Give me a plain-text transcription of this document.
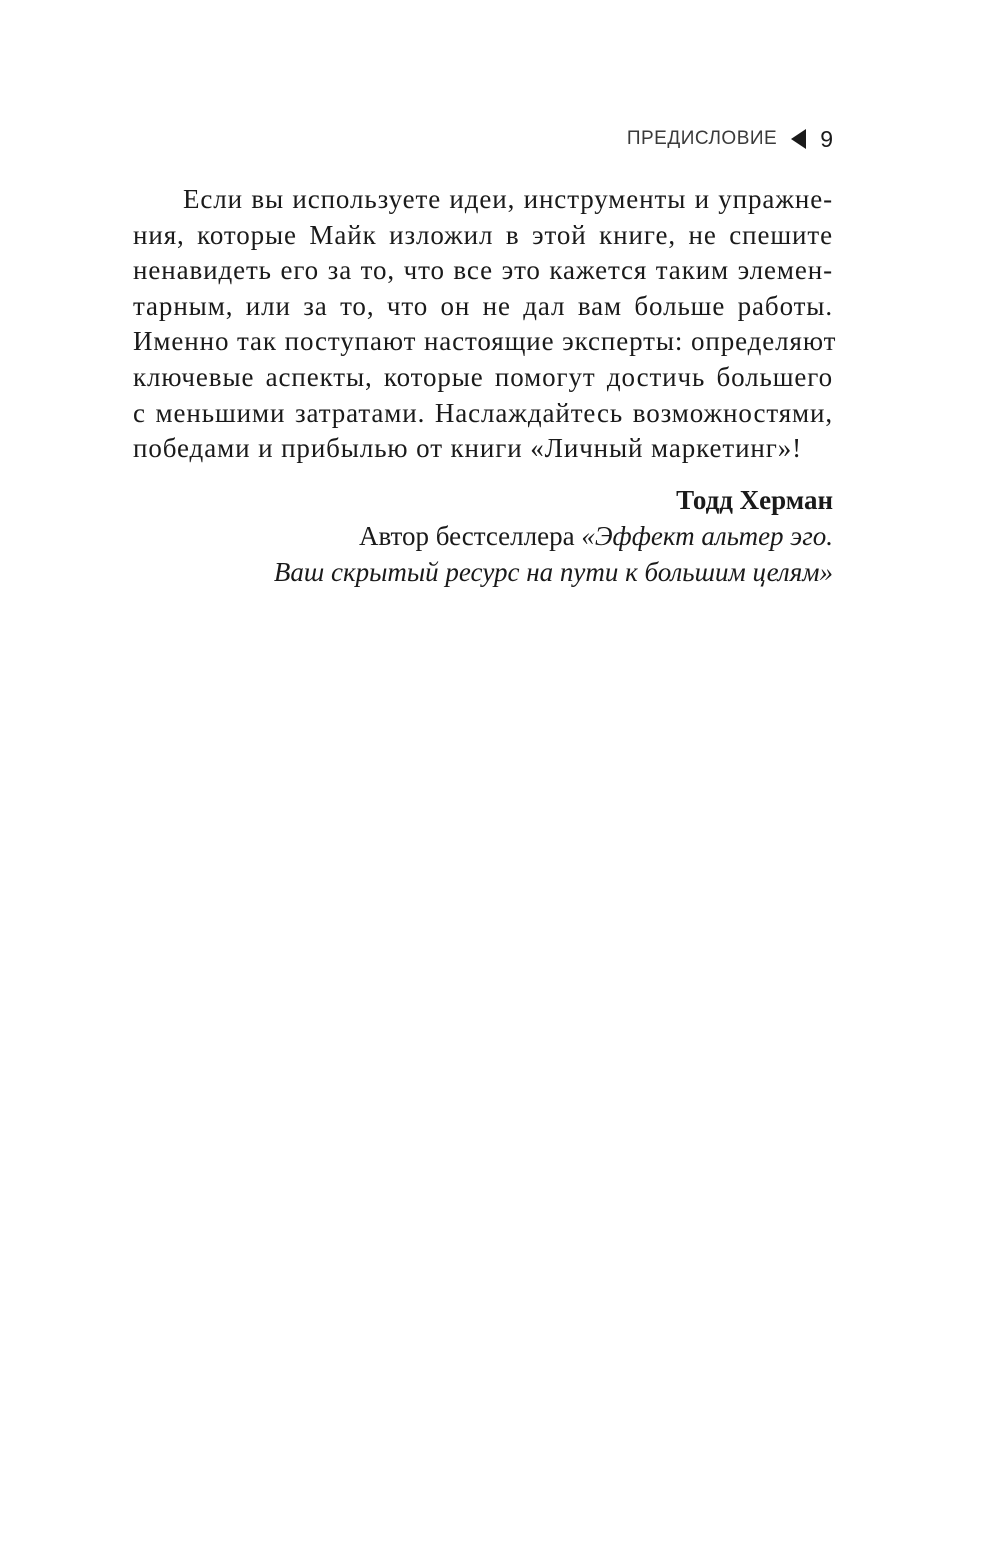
ПРЕДИСЛОВИЕ 9
Если вы используете идеи, инструменты и упражне-
ния, которые Майк изложил в этой книге, не спешите
ненавидеть его за то, что все это кажется таким элемен-
тарным, или за то, что он не дал вам больше работы.
Именно так поступают настоящие эксперты: определяют
ключевые аспекты, которые помогут достичь большего
с меньшими затратами. Наслаждайтесь возможностями,
победами и прибылью от книги «Личный маркетинг»!
Тодд Херман
Автор бестселлера «Эффект альтер эго.
Ваш скрытый ресурс на пути к большим целям»
